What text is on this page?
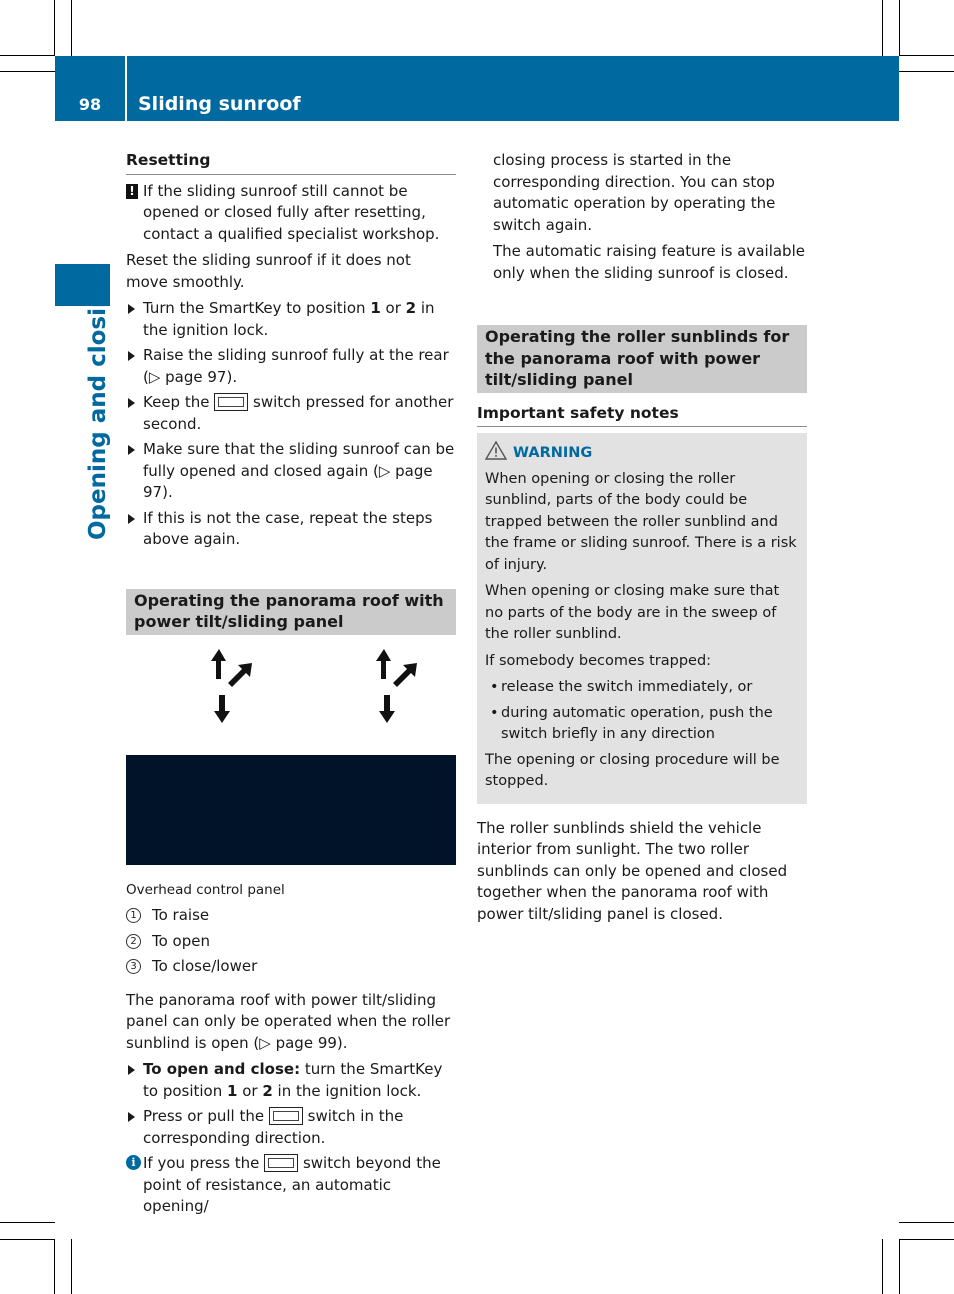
98	Sliding sunroof
Opening and closing
Resetting
! If the sliding sunroof still cannot be opened or closed fully after resetting, contact a qualified specialist workshop.

Reset the sliding sunroof if it does not move smoothly.

Turn the SmartKey to position 1 or 2 in the ignition lock.
Raise the sliding sunroof fully at the rear (▷ page 97).
Keep the  switch pressed for another second.
Make sure that the sliding sunroof can be fully opened and closed again (▷ page 97).
If this is not the case, repeat the steps above again.
Operating the panorama roof with power tilt/sliding panel
Overhead control panel
1 To raise
2 To open
3 To close/lower

The panorama roof with power tilt/sliding panel can only be operated when the roller sunblind is open (▷ page 99).

To open and close: turn the SmartKey to position 1 or 2 in the ignition lock.
Press or pull the  switch in the corresponding direction.
i If you press the  switch beyond the point of resistance, an automatic opening/

closing process is started in the corresponding direction. You can stop automatic operation by operating the switch again.

The automatic raising feature is available only when the sliding sunroof is closed.

Operating the roller sunblinds for the panorama roof with power tilt/sliding panel
Important safety notes
WARNING

When opening or closing the roller sunblind, parts of the body could be trapped between the roller sunblind and the frame or sliding sunroof. There is a risk of injury.

When opening or closing make sure that no parts of the body are in the sweep of the roller sunblind.

If somebody becomes trapped:

• release the switch immediately, or
• during automatic operation, push the switch briefly in any direction

The opening or closing procedure will be stopped.

The roller sunblinds shield the vehicle interior from sunlight. The two roller sunblinds can only be opened and closed together when the panorama roof with power tilt/sliding panel is closed.
